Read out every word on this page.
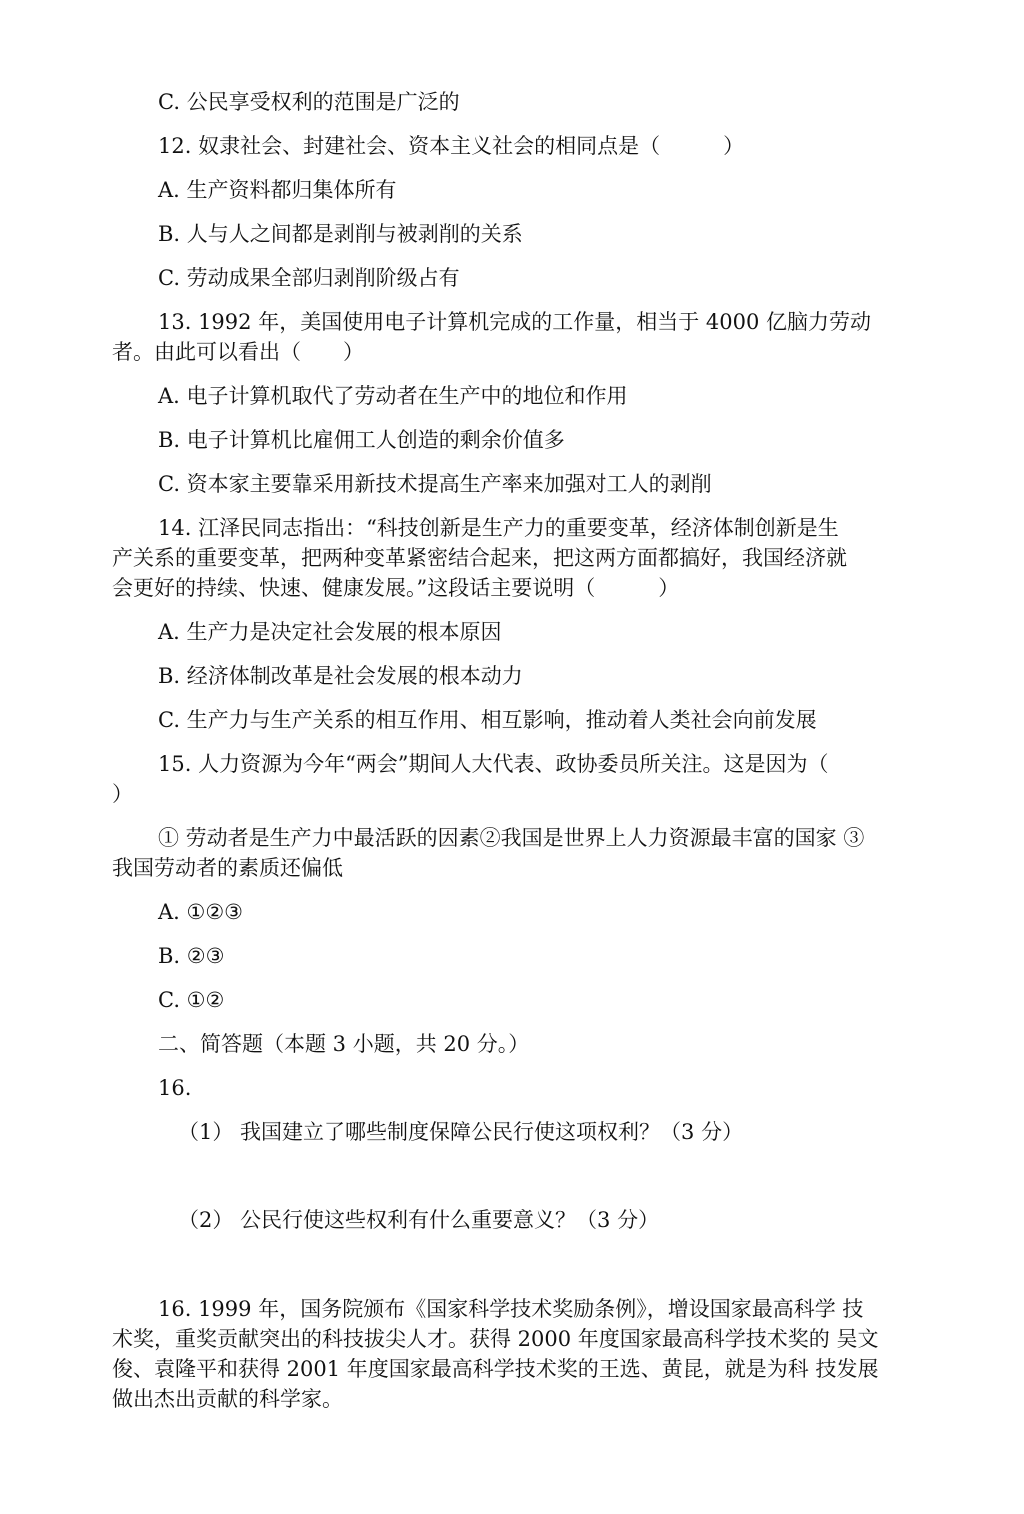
C. 公民享受权利的范围是广泛的
12. 奴隶社会、封建社会、资本主义社会的相同点是（　　　）
A. 生产资料都归集体所有
B. 人与人之间都是剥削与被剥削的关系
C. 劳动成果全部归剥削阶级占有
13. 1992 年，美国使用电子计算机完成的工作量，相当于 4000 亿脑力劳动
者。由此可以看出（　　）
A. 电子计算机取代了劳动者在生产中的地位和作用
B. 电子计算机比雇佣工人创造的剩余价值多
C. 资本家主要靠采用新技术提高生产率来加强对工人的剥削
14. 江泽民同志指出：“科技创新是生产力的重要变革，经济体制创新是生
产关系的重要变革，把两种变革紧密结合起来，把这两方面都搞好，我国经济就
会更好的持续、快速、健康发展。”这段话主要说明（　　　）
A. 生产力是决定社会发展的根本原因
B. 经济体制改革是社会发展的根本动力
C. 生产力与生产关系的相互作用、相互影响，推动着人类社会向前发展
15. 人力资源为今年“两会”期间人大代表、政协委员所关注。这是因为（
）
① 劳动者是生产力中最活跃的因素②我国是世界上人力资源最丰富的国家 ③
我国劳动者的素质还偏低
A. ①②③
B. ②③
C. ①②
二、简答题（本题 3 小题，共 20 分。）
16.
（1） 我国建立了哪些制度保障公民行使这项权利？（3 分）
（2） 公民行使这些权利有什么重要意义？（3 分）
16. 1999 年，国务院颁布《国家科学技术奖励条例》，增设国家最高科学 技
术奖，重奖贡献突出的科技拔尖人才。获得 2000 年度国家最高科学技术奖的 吴文
俊、袁隆平和获得 2001 年度国家最高科学技术奖的王选、黄昆，就是为科 技发展
做出杰出贡献的科学家。
